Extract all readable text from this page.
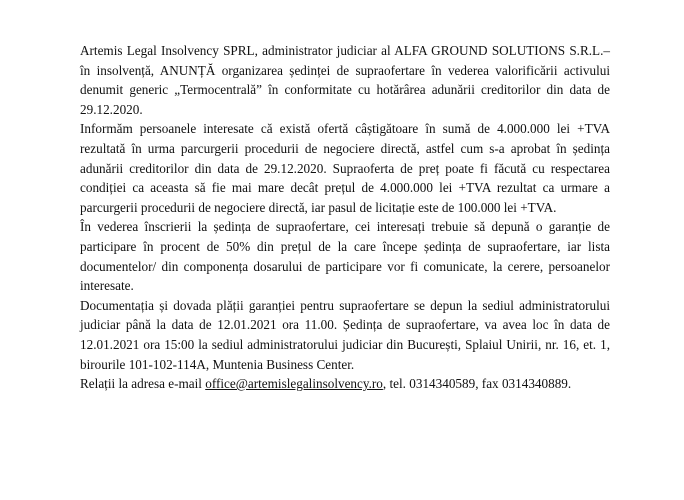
Artemis Legal Insolvency SPRL, administrator judiciar al ALFA GROUND SOLUTIONS S.R.L.– în insolvență, ANUNȚĂ organizarea ședinței de supraofertare în vederea valorificării activului denumit generic „Termocentrală” în conformitate cu hotărârea adunării creditorilor din data de 29.12.2020.

Informăm persoanele interesate că există ofertă câștigătoare în sumă de 4.000.000 lei +TVA rezultată în urma parcurgerii procedurii de negociere directă, astfel cum s-a aprobat în ședința adunării creditorilor din data de 29.12.2020. Supraoferta de preț poate fi făcută cu respectarea condiției ca aceasta să fie mai mare decât prețul de 4.000.000 lei +TVA rezultat ca urmare a parcurgerii procedurii de negociere directă, iar pasul de licitație este de 100.000 lei +TVA.

În vederea înscrierii la ședința de supraofertare, cei interesați trebuie să depună o garanție de participare în procent de 50% din prețul de la care începe ședința de supraofertare, iar lista documentelor/ din componența dosarului de participare vor fi comunicate, la cerere, persoanelor interesate.

Documentația și dovada plății garanției pentru supraofertare se depun la sediul administratorului judiciar până la data de 12.01.2021 ora 11.00. Ședința de supraofertare, va avea loc în data de 12.01.2021 ora 15:00 la sediul administratorului judiciar din București, Splaiul Unirii, nr. 16, et. 1, birourile 101-102-114A, Muntenia Business Center.

Relații la adresa e-mail office@artemislegalinsolvency.ro, tel. 0314340589, fax 0314340889.
